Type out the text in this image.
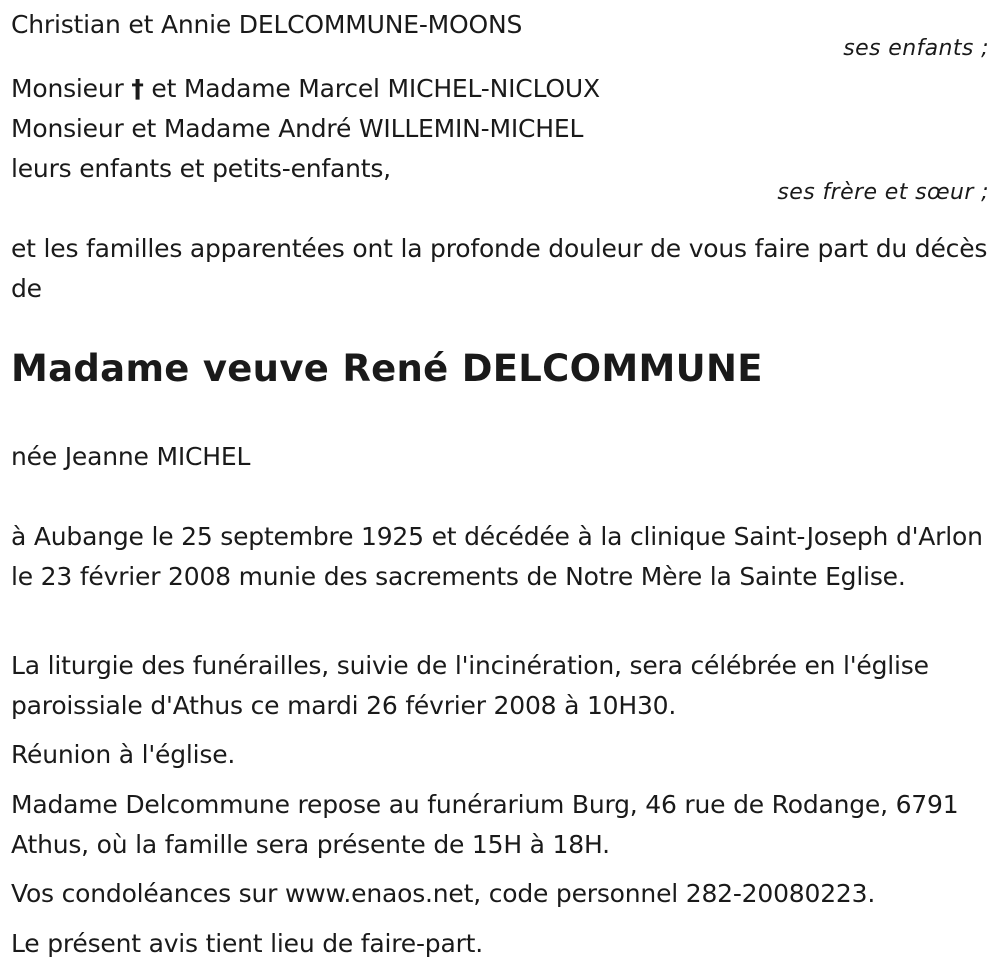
Christian et Annie DELCOMMUNE-MOONS
ses enfants ;
Monsieur † et Madame Marcel MICHEL-NICLOUX
Monsieur et Madame André WILLEMIN-MICHEL
leurs enfants et petits-enfants,
ses frère et sœur ;
et les familles apparentées ont la profonde douleur de vous faire part du décès de
Madame veuve René DELCOMMUNE
née Jeanne MICHEL
à Aubange le 25 septembre 1925 et décédée à la clinique Saint-Joseph d'Arlon le 23 février 2008 munie des sacrements de Notre Mère la Sainte Eglise.
La liturgie des funérailles, suivie de l'incinération, sera célébrée en l'église paroissiale d'Athus ce mardi 26 février 2008 à 10H30.
Réunion à l'église.
Madame Delcommune repose au funérarium Burg, 46 rue de Rodange, 6791 Athus, où la famille sera présente de 15H à 18H.
Vos condoléances sur www.enaos.net, code personnel 282-20080223.
Le présent avis tient lieu de faire-part.
